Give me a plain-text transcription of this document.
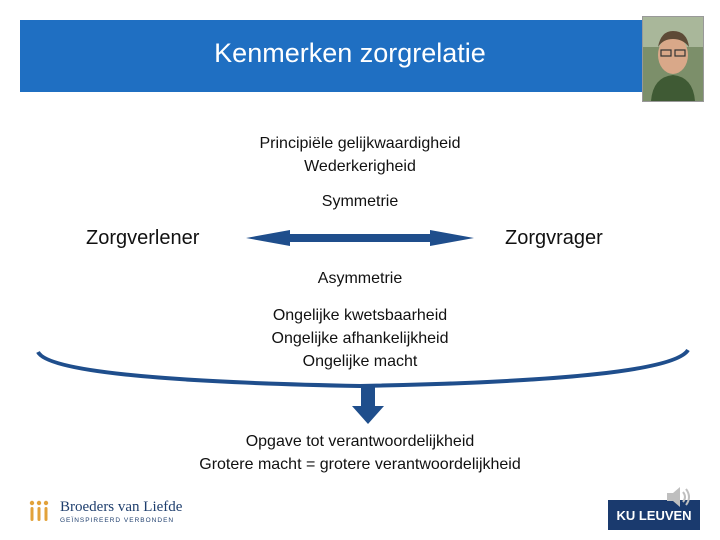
Kenmerken zorgrelatie
Principiële gelijkwaardigheid
Wederkerigheid
Symmetrie
Zorgverlener	Zorgvrager
Asymmetrie
Ongelijke kwetsbaarheid
Ongelijke afhankelijkheid
Ongelijke macht
Opgave tot verantwoordelijkheid
Grotere macht = grotere verantwoordelijkheid
Broeders van Liefde
GEÏNSPIREERD VERBONDEN	KU LEUVEN
